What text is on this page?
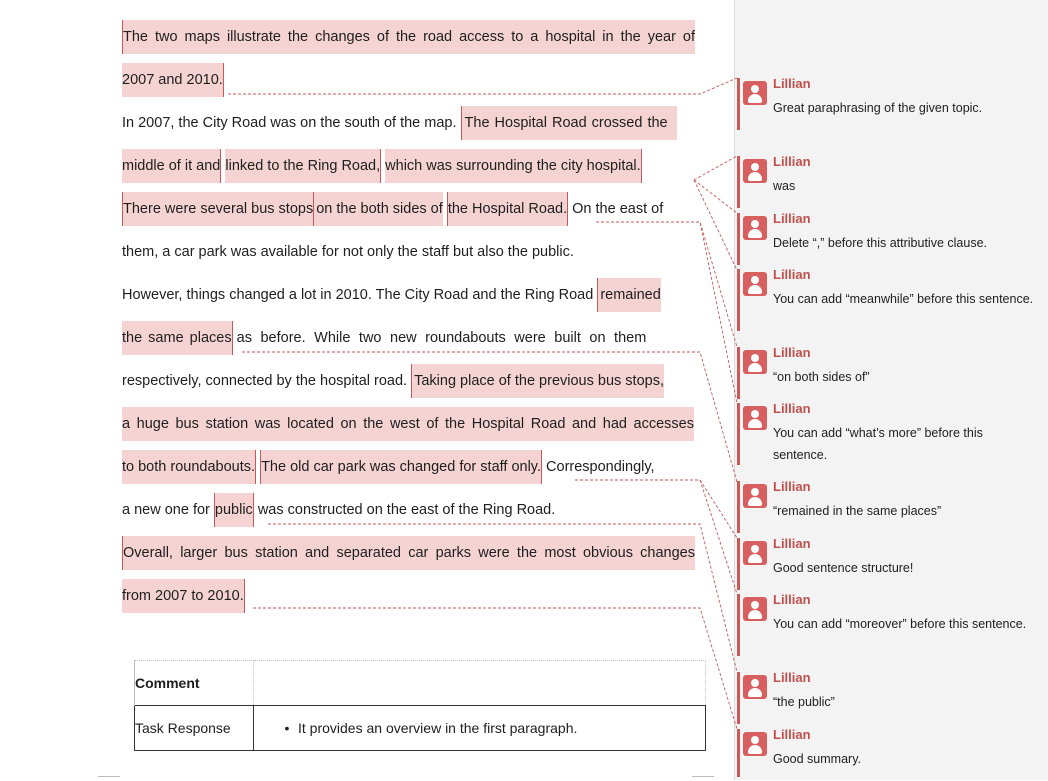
The two maps illustrate the changes of the road access to a hospital in the year of
2007 and 2010.
In 2007, the City Road was on the south of the map. The Hospital Road crossed the
middle of it and linked to the Ring Road, which was surrounding the city hospital.
There were several bus stops on the both sides of the Hospital Road. On the east of
them, a car park was available for not only the staff but also the public.
However, things changed a lot in 2010. The City Road and the Ring Road remained
the same places as before. While two new roundabouts were built on them
respectively, connected by the hospital road. Taking place of the previous bus stops,
a huge bus station was located on the west of the Hospital Road and had accesses
to both roundabouts. The old car park was changed for staff only. Correspondingly,
a new one for public was constructed on the east of the Ring Road.
Overall, larger bus station and separated car parks were the most obvious changes
from 2007 to 2010.
Comment	
Task Response	• It provides an overview in the first paragraph.
Lillian
Great paraphrasing of the given topic.
Lillian
was
Lillian
Delete “,” before this attributive clause.
Lillian
You can add “meanwhile” before this sentence.
Lillian
“on both sides of”
Lillian
You can add “what’s more” before this sentence.
Lillian
“remained in the same places”
Lillian
Good sentence structure!
Lillian
You can add “moreover” before this sentence.
Lillian
“the public”
Lillian
Good summary.
